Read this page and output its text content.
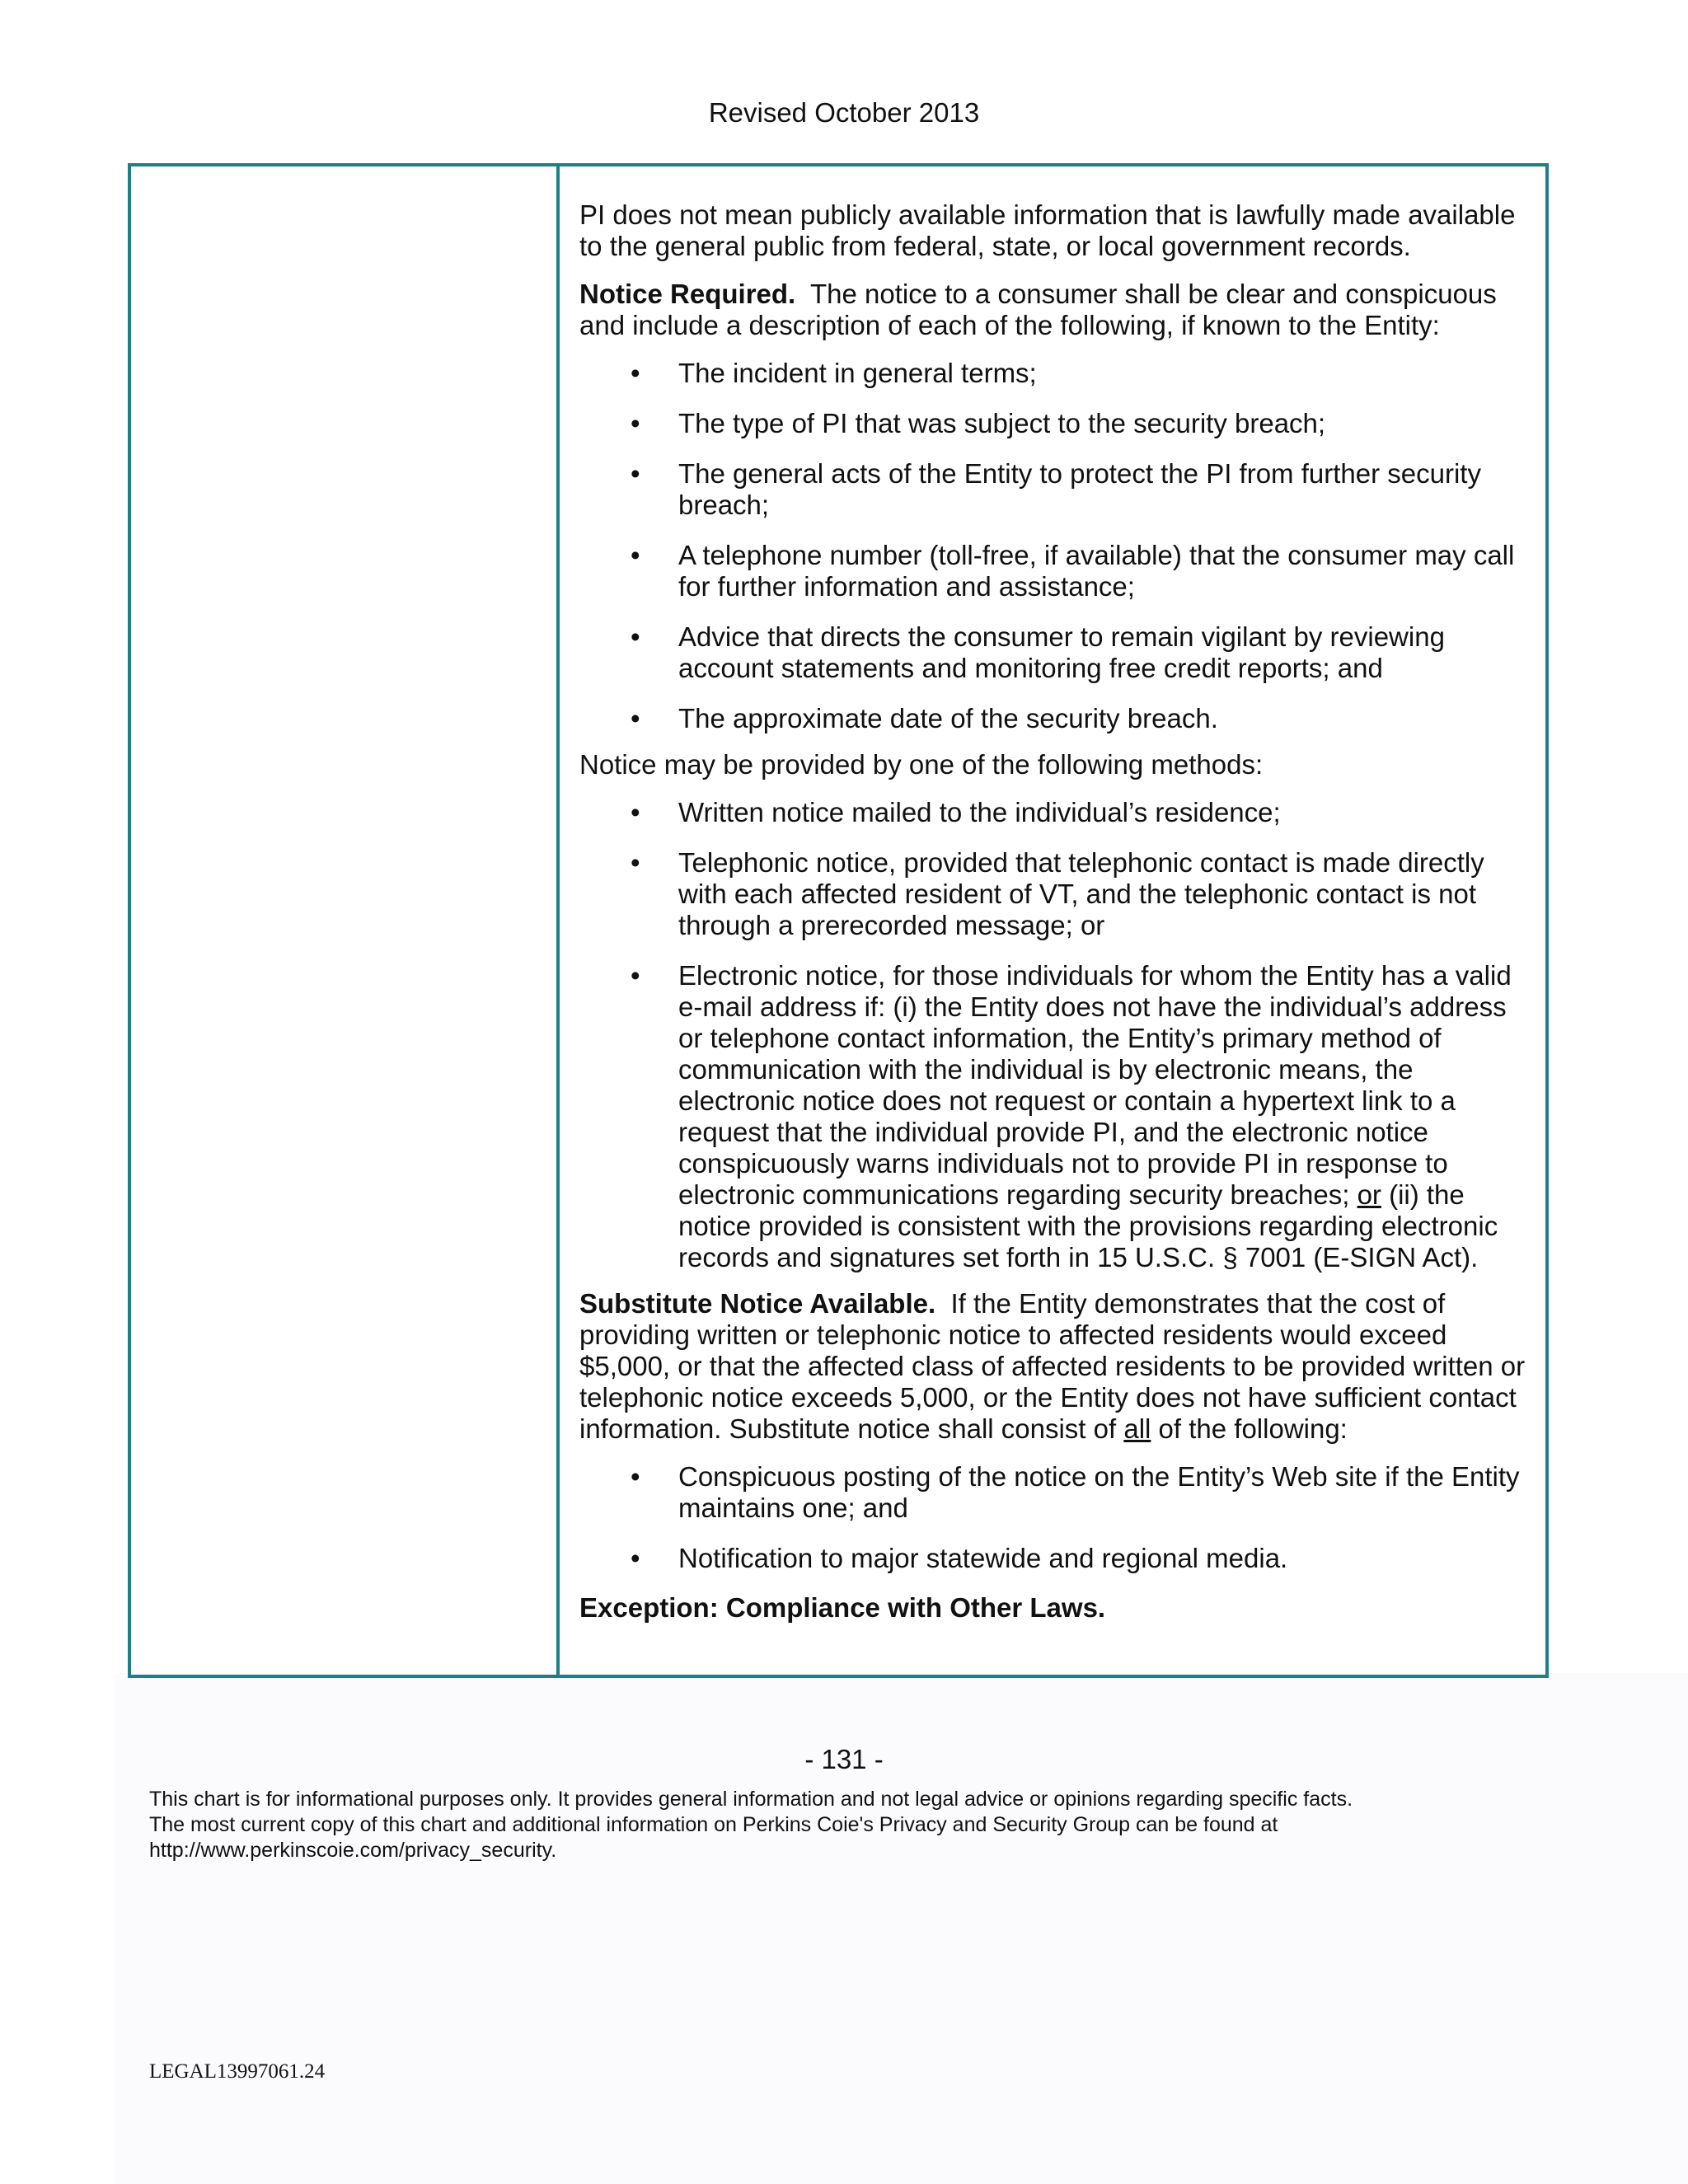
Revised October 2013

PI does not mean publicly available information that is lawfully made available to the general public from federal, state, or local government records.

Notice Required.  The notice to a consumer shall be clear and conspicuous and include a description of each of the following, if known to the Entity:

• The incident in general terms;
• The type of PI that was subject to the security breach;
• The general acts of the Entity to protect the PI from further security breach;
• A telephone number (toll-free, if available) that the consumer may call for further information and assistance;
• Advice that directs the consumer to remain vigilant by reviewing account statements and monitoring free credit reports; and
• The approximate date of the security breach.

Notice may be provided by one of the following methods:

• Written notice mailed to the individual’s residence;
• Telephonic notice, provided that telephonic contact is made directly with each affected resident of VT, and the telephonic contact is not through a prerecorded message; or
• Electronic notice, for those individuals for whom the Entity has a valid e-mail address if: (i) the Entity does not have the individual’s address or telephone contact information, the Entity’s primary method of communication with the individual is by electronic means, the electronic notice does not request or contain a hypertext link to a request that the individual provide PI, and the electronic notice conspicuously warns individuals not to provide PI in response to electronic communications regarding security breaches; or (ii) the notice provided is consistent with the provisions regarding electronic records and signatures set forth in 15 U.S.C. § 7001 (E-SIGN Act).

Substitute Notice Available.  If the Entity demonstrates that the cost of providing written or telephonic notice to affected residents would exceed $5,000, or that the affected class of affected residents to be provided written or telephonic notice exceeds 5,000, or the Entity does not have sufficient contact information. Substitute notice shall consist of all of the following:

• Conspicuous posting of the notice on the Entity’s Web site if the Entity maintains one; and
• Notification to major statewide and regional media.

Exception: Compliance with Other Laws.

- 131 -
This chart is for informational purposes only. It provides general information and not legal advice or opinions regarding specific facts.
The most current copy of this chart and additional information on Perkins Coie's Privacy and Security Group can be found at
http://www.perkinscoie.com/privacy_security.
LEGAL13997061.24
